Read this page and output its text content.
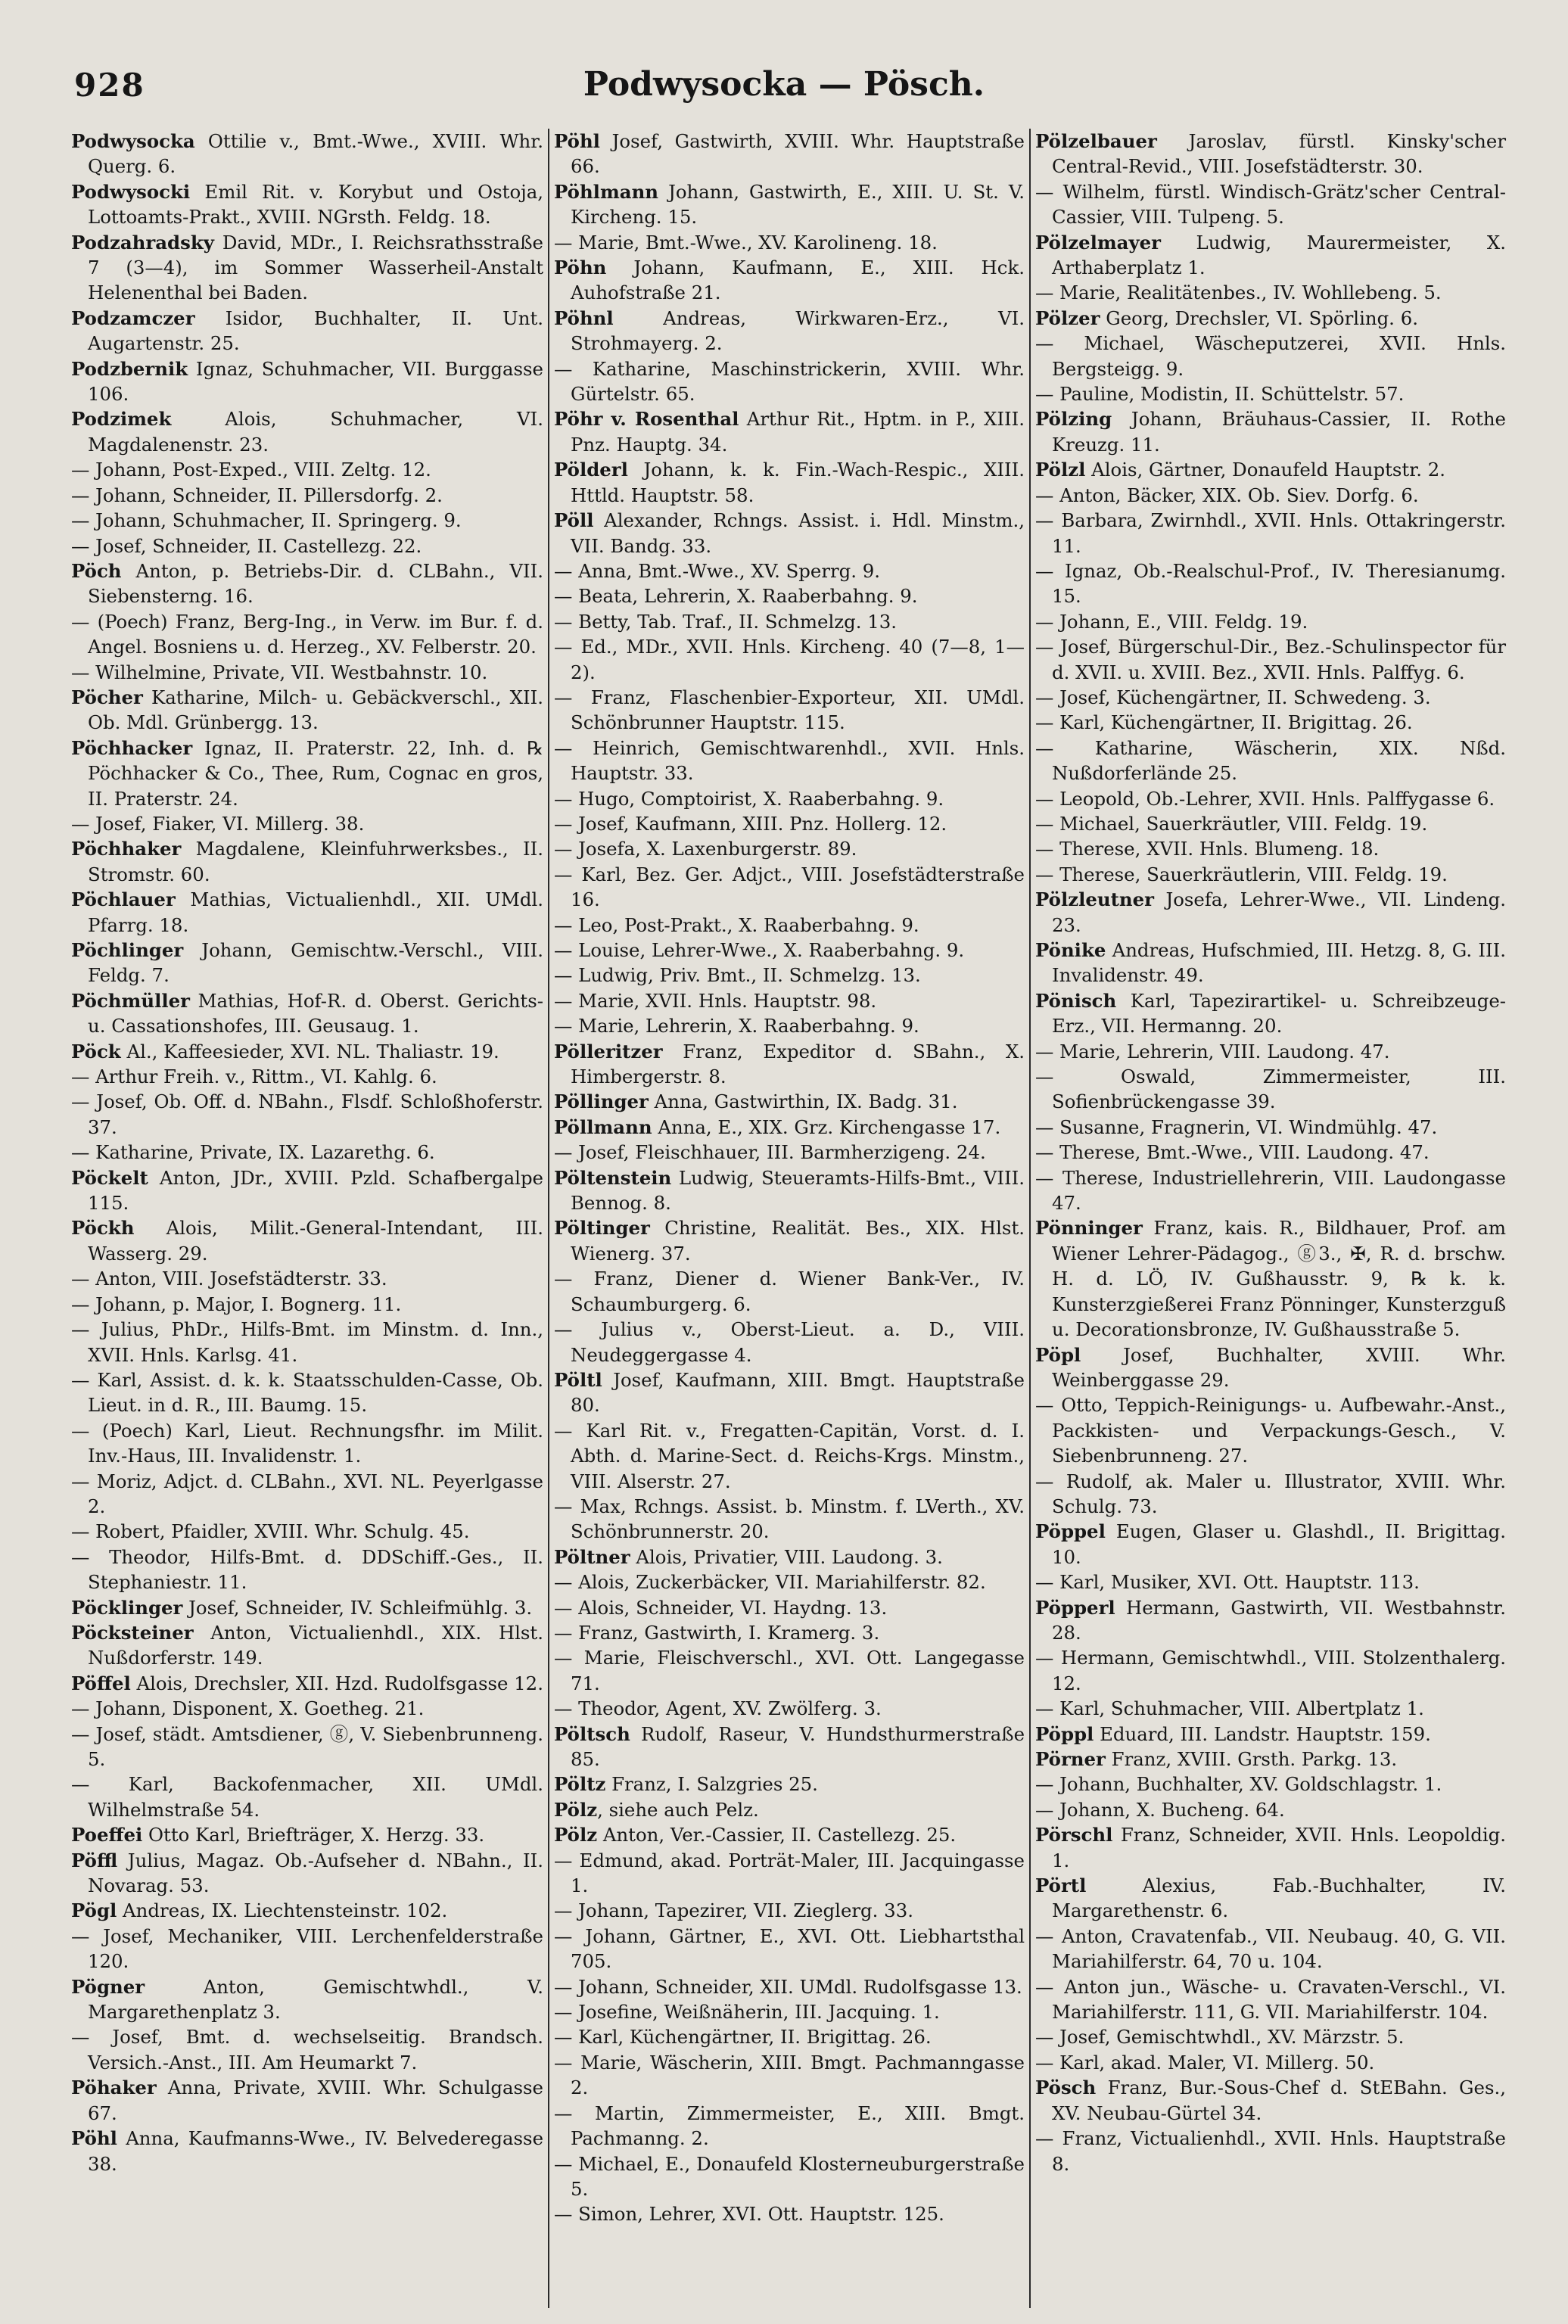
928	Podwysocka — Pösch.

Podwysocka Ottilie v., Bmt.-Wwe., XVIII. Whr. Querg. 6.

Podwysocki Emil Rit. v. Korybut und Ostoja, Lottoamts-Prakt., XVIII. NGrsth. Feldg. 18.

Podzahradsky David, MDr., I. Reichsrathsstraße 7 (3—4), im Sommer Wasserheil-Anstalt Helenenthal bei Baden.

Podzamczer Isidor, Buchhalter, II. Unt. Augartenstr. 25.

Podzbernik Ignaz, Schuhmacher, VII. Burggasse 106.

Podzimek Alois, Schuhmacher, VI. Magdalenenstr. 23.

— Johann, Post-Exped., VIII. Zeltg. 12.

— Johann, Schneider, II. Pillersdorfg. 2.

— Johann, Schuhmacher, II. Springerg. 9.

— Josef, Schneider, II. Castellezg. 22.

Pöch Anton, p. Betriebs-Dir. d. CLBahn., VII. Siebensterng. 16.

— (Poech) Franz, Berg-Ing., in Verw. im Bur. f. d. Angel. Bosniens u. d. Herzeg., XV. Felberstr. 20.

— Wilhelmine, Private, VII. Westbahnstr. 10.

Pöcher Katharine, Milch- u. Gebäckverschl., XII. Ob. Mdl. Grünbergg. 13.

Pöchhacker Ignaz, II. Praterstr. 22, Inh. d. ℞ Pöchhacker & Co., Thee, Rum, Cognac en gros, II. Praterstr. 24.

— Josef, Fiaker, VI. Millerg. 38.

Pöchhaker Magdalene, Kleinfuhrwerksbes., II. Stromstr. 60.

Pöchlauer Mathias, Victualienhdl., XII. UMdl. Pfarrg. 18.

Pöchlinger Johann, Gemischtw.-Verschl., VIII. Feldg. 7.

Pöchmüller Mathias, Hof-R. d. Oberst. Gerichts- u. Cassationshofes, III. Geusaug. 1.

Pöck Al., Kaffeesieder, XVI. NL. Thaliastr. 19.

— Arthur Freih. v., Rittm., VI. Kahlg. 6.

— Josef, Ob. Off. d. NBahn., Flsdf. Schloßhoferstr. 37.

— Katharine, Private, IX. Lazarethg. 6.

Pöckelt Anton, JDr., XVIII. Pzld. Schafbergalpe 115.

Pöckh Alois, Milit.-General-Intendant, III. Wasserg. 29.

— Anton, VIII. Josefstädterstr. 33.

— Johann, p. Major, I. Bognerg. 11.

— Julius, PhDr., Hilfs-Bmt. im Minstm. d. Inn., XVII. Hnls. Karlsg. 41.

— Karl, Assist. d. k. k. Staatsschulden-Casse, Ob. Lieut. in d. R., III. Baumg. 15.

— (Poech) Karl, Lieut. Rechnungsfhr. im Milit. Inv.-Haus, III. Invalidenstr. 1.

— Moriz, Adjct. d. CLBahn., XVI. NL. Peyerlgasse 2.

— Robert, Pfaidler, XVIII. Whr. Schulg. 45.

— Theodor, Hilfs-Bmt. d. DDSchiff.-Ges., II. Stephaniestr. 11.

Pöcklinger Josef, Schneider, IV. Schleifmühlg. 3.

Pöcksteiner Anton, Victualienhdl., XIX. Hlst. Nußdorferstr. 149.

Pöffel Alois, Drechsler, XII. Hzd. Rudolfsgasse 12.

— Johann, Disponent, X. Goetheg. 21.

— Josef, städt. Amtsdiener, ⓖ, V. Siebenbrunneng. 5.

— Karl, Backofenmacher, XII. UMdl. Wilhelmstraße 54.

Poeffei Otto Karl, Briefträger, X. Herzg. 33.

Pöffl Julius, Magaz. Ob.-Aufseher d. NBahn., II. Novarag. 53.

Pögl Andreas, IX. Liechtensteinstr. 102.

— Josef, Mechaniker, VIII. Lerchenfelderstraße 120.

Pögner Anton, Gemischtwhdl., V. Margarethenplatz 3.

— Josef, Bmt. d. wechselseitig. Brandsch. Versich.-Anst., III. Am Heumarkt 7.

Pöhaker Anna, Private, XVIII. Whr. Schulgasse 67.

Pöhl Anna, Kaufmanns-Wwe., IV. Belvederegasse 38.

Pöhl Josef, Gastwirth, XVIII. Whr. Hauptstraße 66.

Pöhlmann Johann, Gastwirth, E., XIII. U. St. V. Kircheng. 15.

— Marie, Bmt.-Wwe., XV. Karolineng. 18.

Pöhn Johann, Kaufmann, E., XIII. Hck. Auhofstraße 21.

Pöhnl Andreas, Wirkwaren-Erz., VI. Strohmayerg. 2.

— Katharine, Maschinstrickerin, XVIII. Whr. Gürtelstr. 65.

Pöhr v. Rosenthal Arthur Rit., Hptm. in P., XIII. Pnz. Hauptg. 34.

Pölderl Johann, k. k. Fin.-Wach-Respic., XIII. Httld. Hauptstr. 58.

Pöll Alexander, Rchngs. Assist. i. Hdl. Minstm., VII. Bandg. 33.

— Anna, Bmt.-Wwe., XV. Sperrg. 9.

— Beata, Lehrerin, X. Raaberbahng. 9.

— Betty, Tab. Traf., II. Schmelzg. 13.

— Ed., MDr., XVII. Hnls. Kircheng. 40 (7—8, 1—2).

— Franz, Flaschenbier-Exporteur, XII. UMdl. Schönbrunner Hauptstr. 115.

— Heinrich, Gemischtwarenhdl., XVII. Hnls. Hauptstr. 33.

— Hugo, Comptoirist, X. Raaberbahng. 9.

— Josef, Kaufmann, XIII. Pnz. Hollerg. 12.

— Josefa, X. Laxenburgerstr. 89.

— Karl, Bez. Ger. Adjct., VIII. Josefstädterstraße 16.

— Leo, Post-Prakt., X. Raaberbahng. 9.

— Louise, Lehrer-Wwe., X. Raaberbahng. 9.

— Ludwig, Priv. Bmt., II. Schmelzg. 13.

— Marie, XVII. Hnls. Hauptstr. 98.

— Marie, Lehrerin, X. Raaberbahng. 9.

Pölleritzer Franz, Expeditor d. SBahn., X. Himbergerstr. 8.

Pöllinger Anna, Gastwirthin, IX. Badg. 31.

Pöllmann Anna, E., XIX. Grz. Kirchengasse 17.

— Josef, Fleischhauer, III. Barmherzigeng. 24.

Pöltenstein Ludwig, Steueramts-Hilfs-Bmt., VIII. Bennog. 8.

Pöltinger Christine, Realität. Bes., XIX. Hlst. Wienerg. 37.

— Franz, Diener d. Wiener Bank-Ver., IV. Schaumburgerg. 6.

— Julius v., Oberst-Lieut. a. D., VIII. Neudeggergasse 4.

Pöltl Josef, Kaufmann, XIII. Bmgt. Hauptstraße 80.

— Karl Rit. v., Fregatten-Capitän, Vorst. d. I. Abth. d. Marine-Sect. d. Reichs-Krgs. Minstm., VIII. Alserstr. 27.

— Max, Rchngs. Assist. b. Minstm. f. LVerth., XV. Schönbrunnerstr. 20.

Pöltner Alois, Privatier, VIII. Laudong. 3.

— Alois, Zuckerbäcker, VII. Mariahilferstr. 82.

— Alois, Schneider, VI. Haydng. 13.

— Franz, Gastwirth, I. Kramerg. 3.

— Marie, Fleischverschl., XVI. Ott. Langegasse 71.

— Theodor, Agent, XV. Zwölferg. 3.

Pöltsch Rudolf, Raseur, V. Hundsthurmerstraße 85.

Pöltz Franz, I. Salzgries 25.

Pölz, siehe auch Pelz.

Pölz Anton, Ver.-Cassier, II. Castellezg. 25.

— Edmund, akad. Porträt-Maler, III. Jacquingasse 1.

— Johann, Tapezirer, VII. Zieglerg. 33.

— Johann, Gärtner, E., XVI. Ott. Liebhartsthal 705.

— Johann, Schneider, XII. UMdl. Rudolfsgasse 13.

— Josefine, Weißnäherin, III. Jacquing. 1.

— Karl, Küchengärtner, II. Brigittag. 26.

— Marie, Wäscherin, XIII. Bmgt. Pachmanngasse 2.

— Martin, Zimmermeister, E., XIII. Bmgt. Pachmanng. 2.

— Michael, E., Donaufeld Klosterneuburgerstraße 5.

— Simon, Lehrer, XVI. Ott. Hauptstr. 125.

Pölzelbauer Jaroslav, fürstl. Kinsky'scher Central-Revid., VIII. Josefstädterstr. 30.

— Wilhelm, fürstl. Windisch-Grätz'scher Central-Cassier, VIII. Tulpeng. 5.

Pölzelmayer Ludwig, Maurermeister, X. Arthaberplatz 1.

— Marie, Realitätenbes., IV. Wohllebeng. 5.

Pölzer Georg, Drechsler, VI. Spörling. 6.

— Michael, Wäscheputzerei, XVII. Hnls. Bergsteigg. 9.

— Pauline, Modistin, II. Schüttelstr. 57.

Pölzing Johann, Bräuhaus-Cassier, II. Rothe Kreuzg. 11.

Pölzl Alois, Gärtner, Donaufeld Hauptstr. 2.

— Anton, Bäcker, XIX. Ob. Siev. Dorfg. 6.

— Barbara, Zwirnhdl., XVII. Hnls. Ottakringerstr. 11.

— Ignaz, Ob.-Realschul-Prof., IV. Theresianumg. 15.

— Johann, E., VIII. Feldg. 19.

— Josef, Bürgerschul-Dir., Bez.-Schulinspector für d. XVII. u. XVIII. Bez., XVII. Hnls. Palffyg. 6.

— Josef, Küchengärtner, II. Schwedeng. 3.

— Karl, Küchengärtner, II. Brigittag. 26.

— Katharine, Wäscherin, XIX. Nßd. Nußdorferlände 25.

— Leopold, Ob.-Lehrer, XVII. Hnls. Palffygasse 6.

— Michael, Sauerkräutler, VIII. Feldg. 19.

— Therese, XVII. Hnls. Blumeng. 18.

— Therese, Sauerkräutlerin, VIII. Feldg. 19.

Pölzleutner Josefa, Lehrer-Wwe., VII. Lindeng. 23.

Pönike Andreas, Hufschmied, III. Hetzg. 8, G. III. Invalidenstr. 49.

Pönisch Karl, Tapezirartikel- u. Schreibzeuge-Erz., VII. Hermanng. 20.

— Marie, Lehrerin, VIII. Laudong. 47.

— Oswald, Zimmermeister, III. Sofienbrückengasse 39.

— Susanne, Fragnerin, VI. Windmühlg. 47.

— Therese, Bmt.-Wwe., VIII. Laudong. 47.

— Therese, Industriellehrerin, VIII. Laudongasse 47.

Pönninger Franz, kais. R., Bildhauer, Prof. am Wiener Lehrer-Pädagog., ⓖ3., ✠, R. d. brschw. H. d. LÖ, IV. Gußhausstr. 9, ℞ k. k. Kunsterzgießerei Franz Pönninger, Kunsterzguß u. Decorationsbronze, IV. Gußhausstraße 5.

Pöpl Josef, Buchhalter, XVIII. Whr. Weinberggasse 29.

— Otto, Teppich-Reinigungs- u. Aufbewahr.-Anst., Packkisten- und Verpackungs-Gesch., V. Siebenbrunneng. 27.

— Rudolf, ak. Maler u. Illustrator, XVIII. Whr. Schulg. 73.

Pöppel Eugen, Glaser u. Glashdl., II. Brigittag. 10.

— Karl, Musiker, XVI. Ott. Hauptstr. 113.

Pöpperl Hermann, Gastwirth, VII. Westbahnstr. 28.

— Hermann, Gemischtwhdl., VIII. Stolzenthalerg. 12.

— Karl, Schuhmacher, VIII. Albertplatz 1.

Pöppl Eduard, III. Landstr. Hauptstr. 159.

Pörner Franz, XVIII. Grsth. Parkg. 13.

— Johann, Buchhalter, XV. Goldschlagstr. 1.

— Johann, X. Bucheng. 64.

Pörschl Franz, Schneider, XVII. Hnls. Leopoldig. 1.

Pörtl Alexius, Fab.-Buchhalter, IV. Margarethenstr. 6.

— Anton, Cravatenfab., VII. Neubaug. 40, G. VII. Mariahilferstr. 64, 70 u. 104.

— Anton jun., Wäsche- u. Cravaten-Verschl., VI. Mariahilferstr. 111, G. VII. Mariahilferstr. 104.

— Josef, Gemischtwhdl., XV. Märzstr. 5.

— Karl, akad. Maler, VI. Millerg. 50.

Pösch Franz, Bur.-Sous-Chef d. StEBahn. Ges., XV. Neubau-Gürtel 34.

— Franz, Victualienhdl., XVII. Hnls. Hauptstraße 8.
